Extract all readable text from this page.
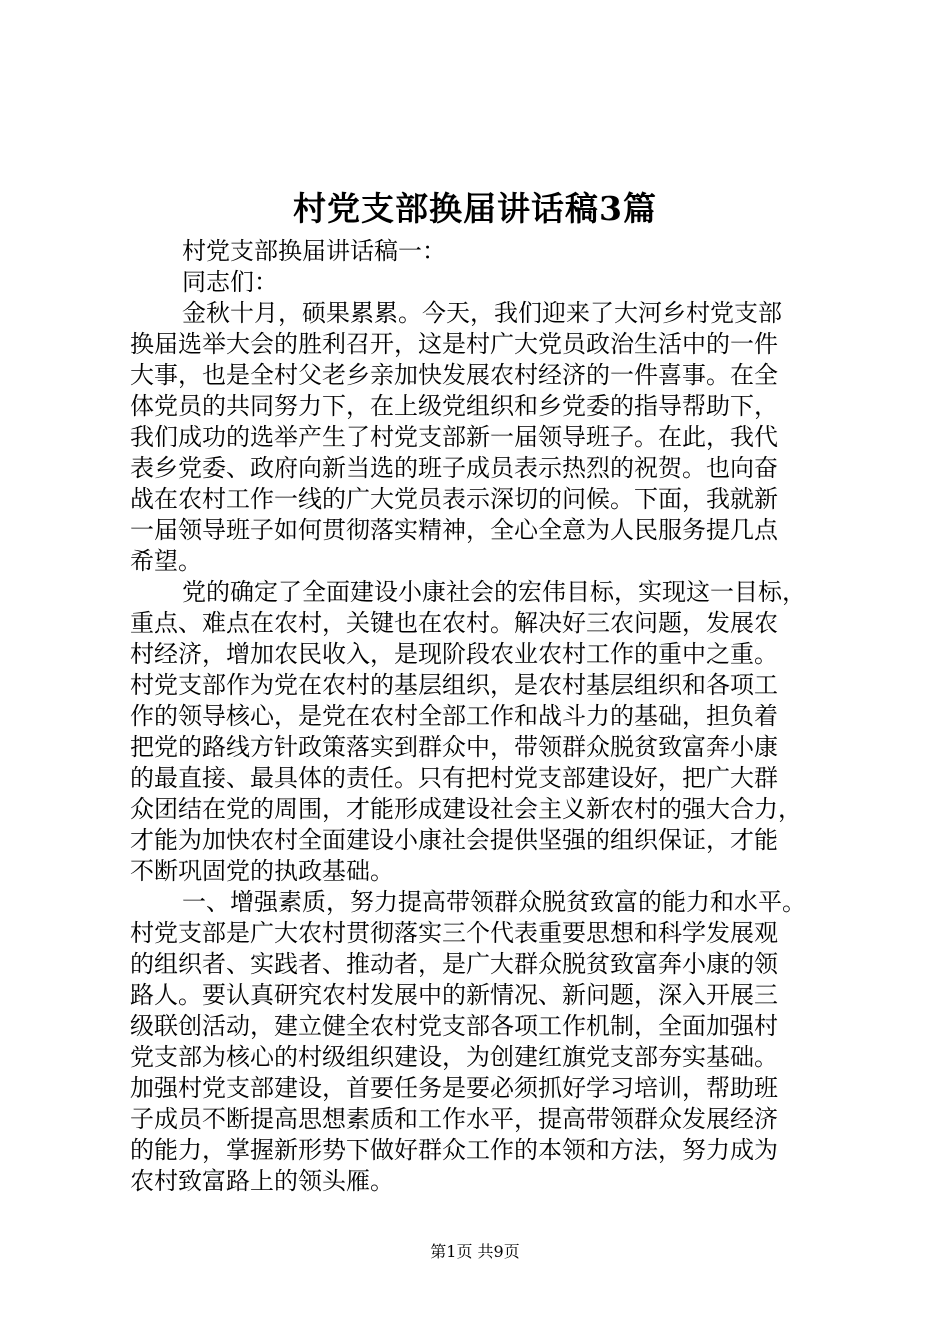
村党支部换届讲话稿3篇
村党支部换届讲话稿一：
同志们：
金秋十月，硕果累累。今天，我们迎来了大河乡村党支部
换届选举大会的胜利召开，这是村广大党员政治生活中的一件
大事，也是全村父老乡亲加快发展农村经济的一件喜事。在全
体党员的共同努力下，在上级党组织和乡党委的指导帮助下，
我们成功的选举产生了村党支部新一届领导班子。在此，我代
表乡党委、政府向新当选的班子成员表示热烈的祝贺。也向奋
战在农村工作一线的广大党员表示深切的问候。下面，我就新
一届领导班子如何贯彻落实精神，全心全意为人民服务提几点
希望。
党的确定了全面建设小康社会的宏伟目标，实现这一目标，
重点、难点在农村，关键也在农村。解决好三农问题，发展农
村经济，增加农民收入，是现阶段农业农村工作的重中之重。
村党支部作为党在农村的基层组织，是农村基层组织和各项工
作的领导核心，是党在农村全部工作和战斗力的基础，担负着
把党的路线方针政策落实到群众中，带领群众脱贫致富奔小康
的最直接、最具体的责任。只有把村党支部建设好，把广大群
众团结在党的周围，才能形成建设社会主义新农村的强大合力，
才能为加快农村全面建设小康社会提供坚强的组织保证，才能
不断巩固党的执政基础。
一、增强素质，努力提高带领群众脱贫致富的能力和水平。
村党支部是广大农村贯彻落实三个代表重要思想和科学发展观
的组织者、实践者、推动者，是广大群众脱贫致富奔小康的领
路人。要认真研究农村发展中的新情况、新问题，深入开展三
级联创活动，建立健全农村党支部各项工作机制，全面加强村
党支部为核心的村级组织建设，为创建红旗党支部夯实基础。
加强村党支部建设，首要任务是要必须抓好学习培训，帮助班
子成员不断提高思想素质和工作水平，提高带领群众发展经济
的能力，掌握新形势下做好群众工作的本领和方法，努力成为
农村致富路上的领头雁。
第1页 共9页
